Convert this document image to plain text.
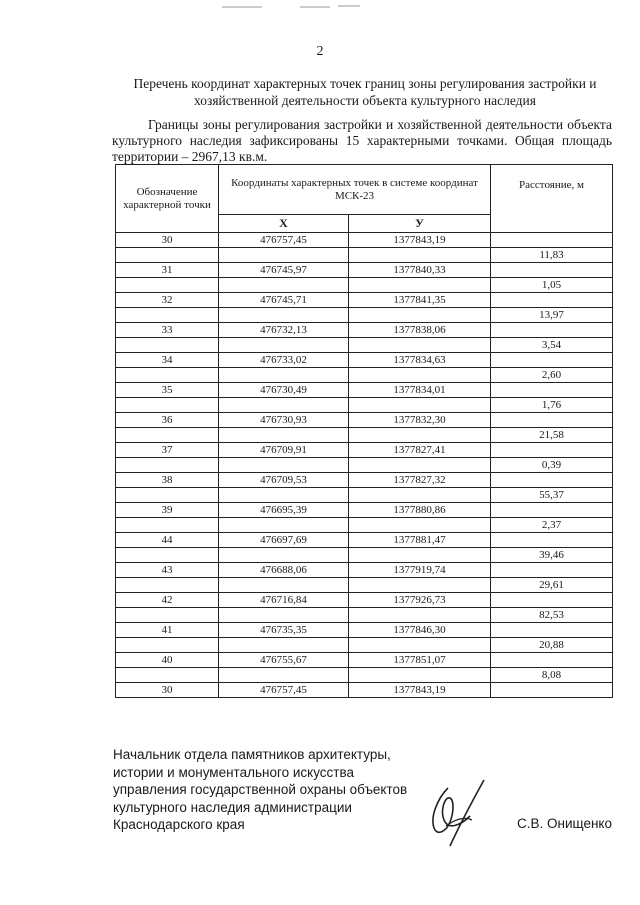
2
Перечень координат характерных точек границ зоны регулирования застройки и хозяйственной деятельности объекта культурного наследия
Границы зоны регулирования застройки и хозяйственной деятельности объекта культурного наследия зафиксированы 15 характерными точками. Общая площадь территории – 2967,13 кв.м.
Обозначение характерной точки	Координаты характерных точек в системе координат МСК-23		Расстояние, м
	X	У	
30	476757,45	1377843,19	
			11,83
31	476745,97	1377840,33	
			1,05
32	476745,71	1377841,35	
			13,97
33	476732,13	1377838,06	
			3,54
34	476733,02	1377834,63	
			2,60
35	476730,49	1377834,01	
			1,76
36	476730,93	1377832,30	
			21,58
37	476709,91	1377827,41	
			0,39
38	476709,53	1377827,32	
			55,37
39	476695,39	1377880,86	
			2,37
44	476697,69	1377881,47	
			39,46
43	476688,06	1377919,74	
			29,61
42	476716,84	1377926,73	
			82,53
41	476735,35	1377846,30	
			20,88
40	476755,67	1377851,07	
			8,08
30	476757,45	1377843,19	
Начальник отдела памятников архитектуры,
истории и монументального искусства
управления государственной охраны объектов
культурного наследия администрации
Краснодарского края	С.В. Онищенко
